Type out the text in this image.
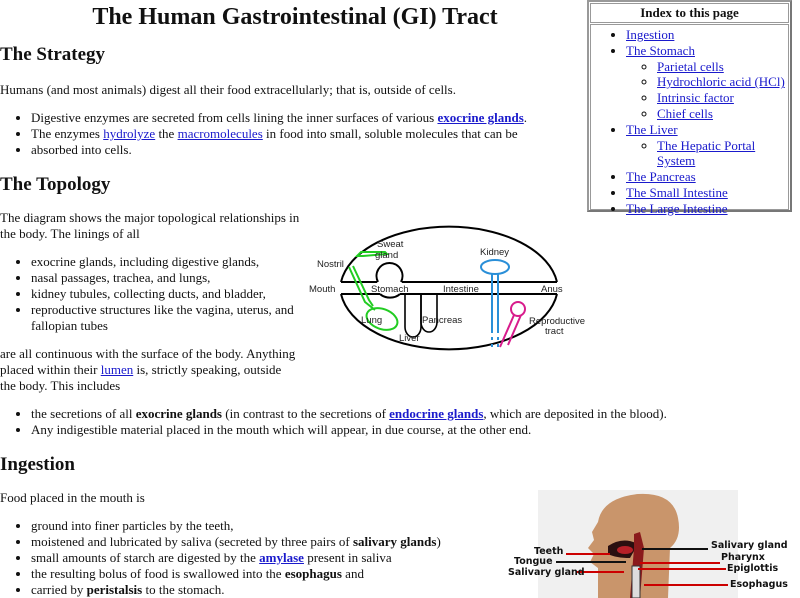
The Human Gastrointestinal (GI) Tract	Index to this page
• Ingestion
• The Stomach
◦ Parietal cells
◦ Hydrochloric acid (HCl)
◦ Intrinsic factor
◦ Chief cells
• The Liver
◦ The Hepatic Portal System
• The Pancreas
• The Small Intestine
• The Large Intestine
The Strategy

Humans (and most animals) digest all their food extracellularly; that is, outside of cells.

• Digestive enzymes are secreted from cells lining the inner surfaces of various exocrine glands.
• The enzymes hydrolyze the macromolecules in food into small, soluble molecules that can be
• absorbed into cells.
The Topology

The diagram shows the major topological relationships in the body. The linings of all

• exocrine glands, including digestive glands,
• nasal passages, trachea, and lungs,
• kidney tubules, collecting ducts, and bladder,
• reproductive structures like the vagina, uterus, and fallopian tubes

are all continuous with the surface of the body. Anything placed within their lumen is, strictly speaking, outside the body. This includes

Sweat
gland
Nostril
Mouth	Stomach	Intestine	Anus
Kidney
Lung	Pancreas
Liver
Reproductive
tract
• the secretions of all exocrine glands (in contrast to the secretions of endocrine glands, which are deposited in the blood).
• Any indigestible material placed in the mouth which will appear, in due course, at the other end.
Ingestion

Food placed in the mouth is

• ground into finer particles by the teeth,
• moistened and lubricated by saliva (secreted by three pairs of salivary glands)
• small amounts of starch are digested by the amylase present in saliva
• the resulting bolus of food is swallowed into the esophagus and
• carried by peristalsis to the stomach.
Teeth
Tongue
Salivary gland
Salivary gland
Pharynx
Epiglottis
Esophagus
